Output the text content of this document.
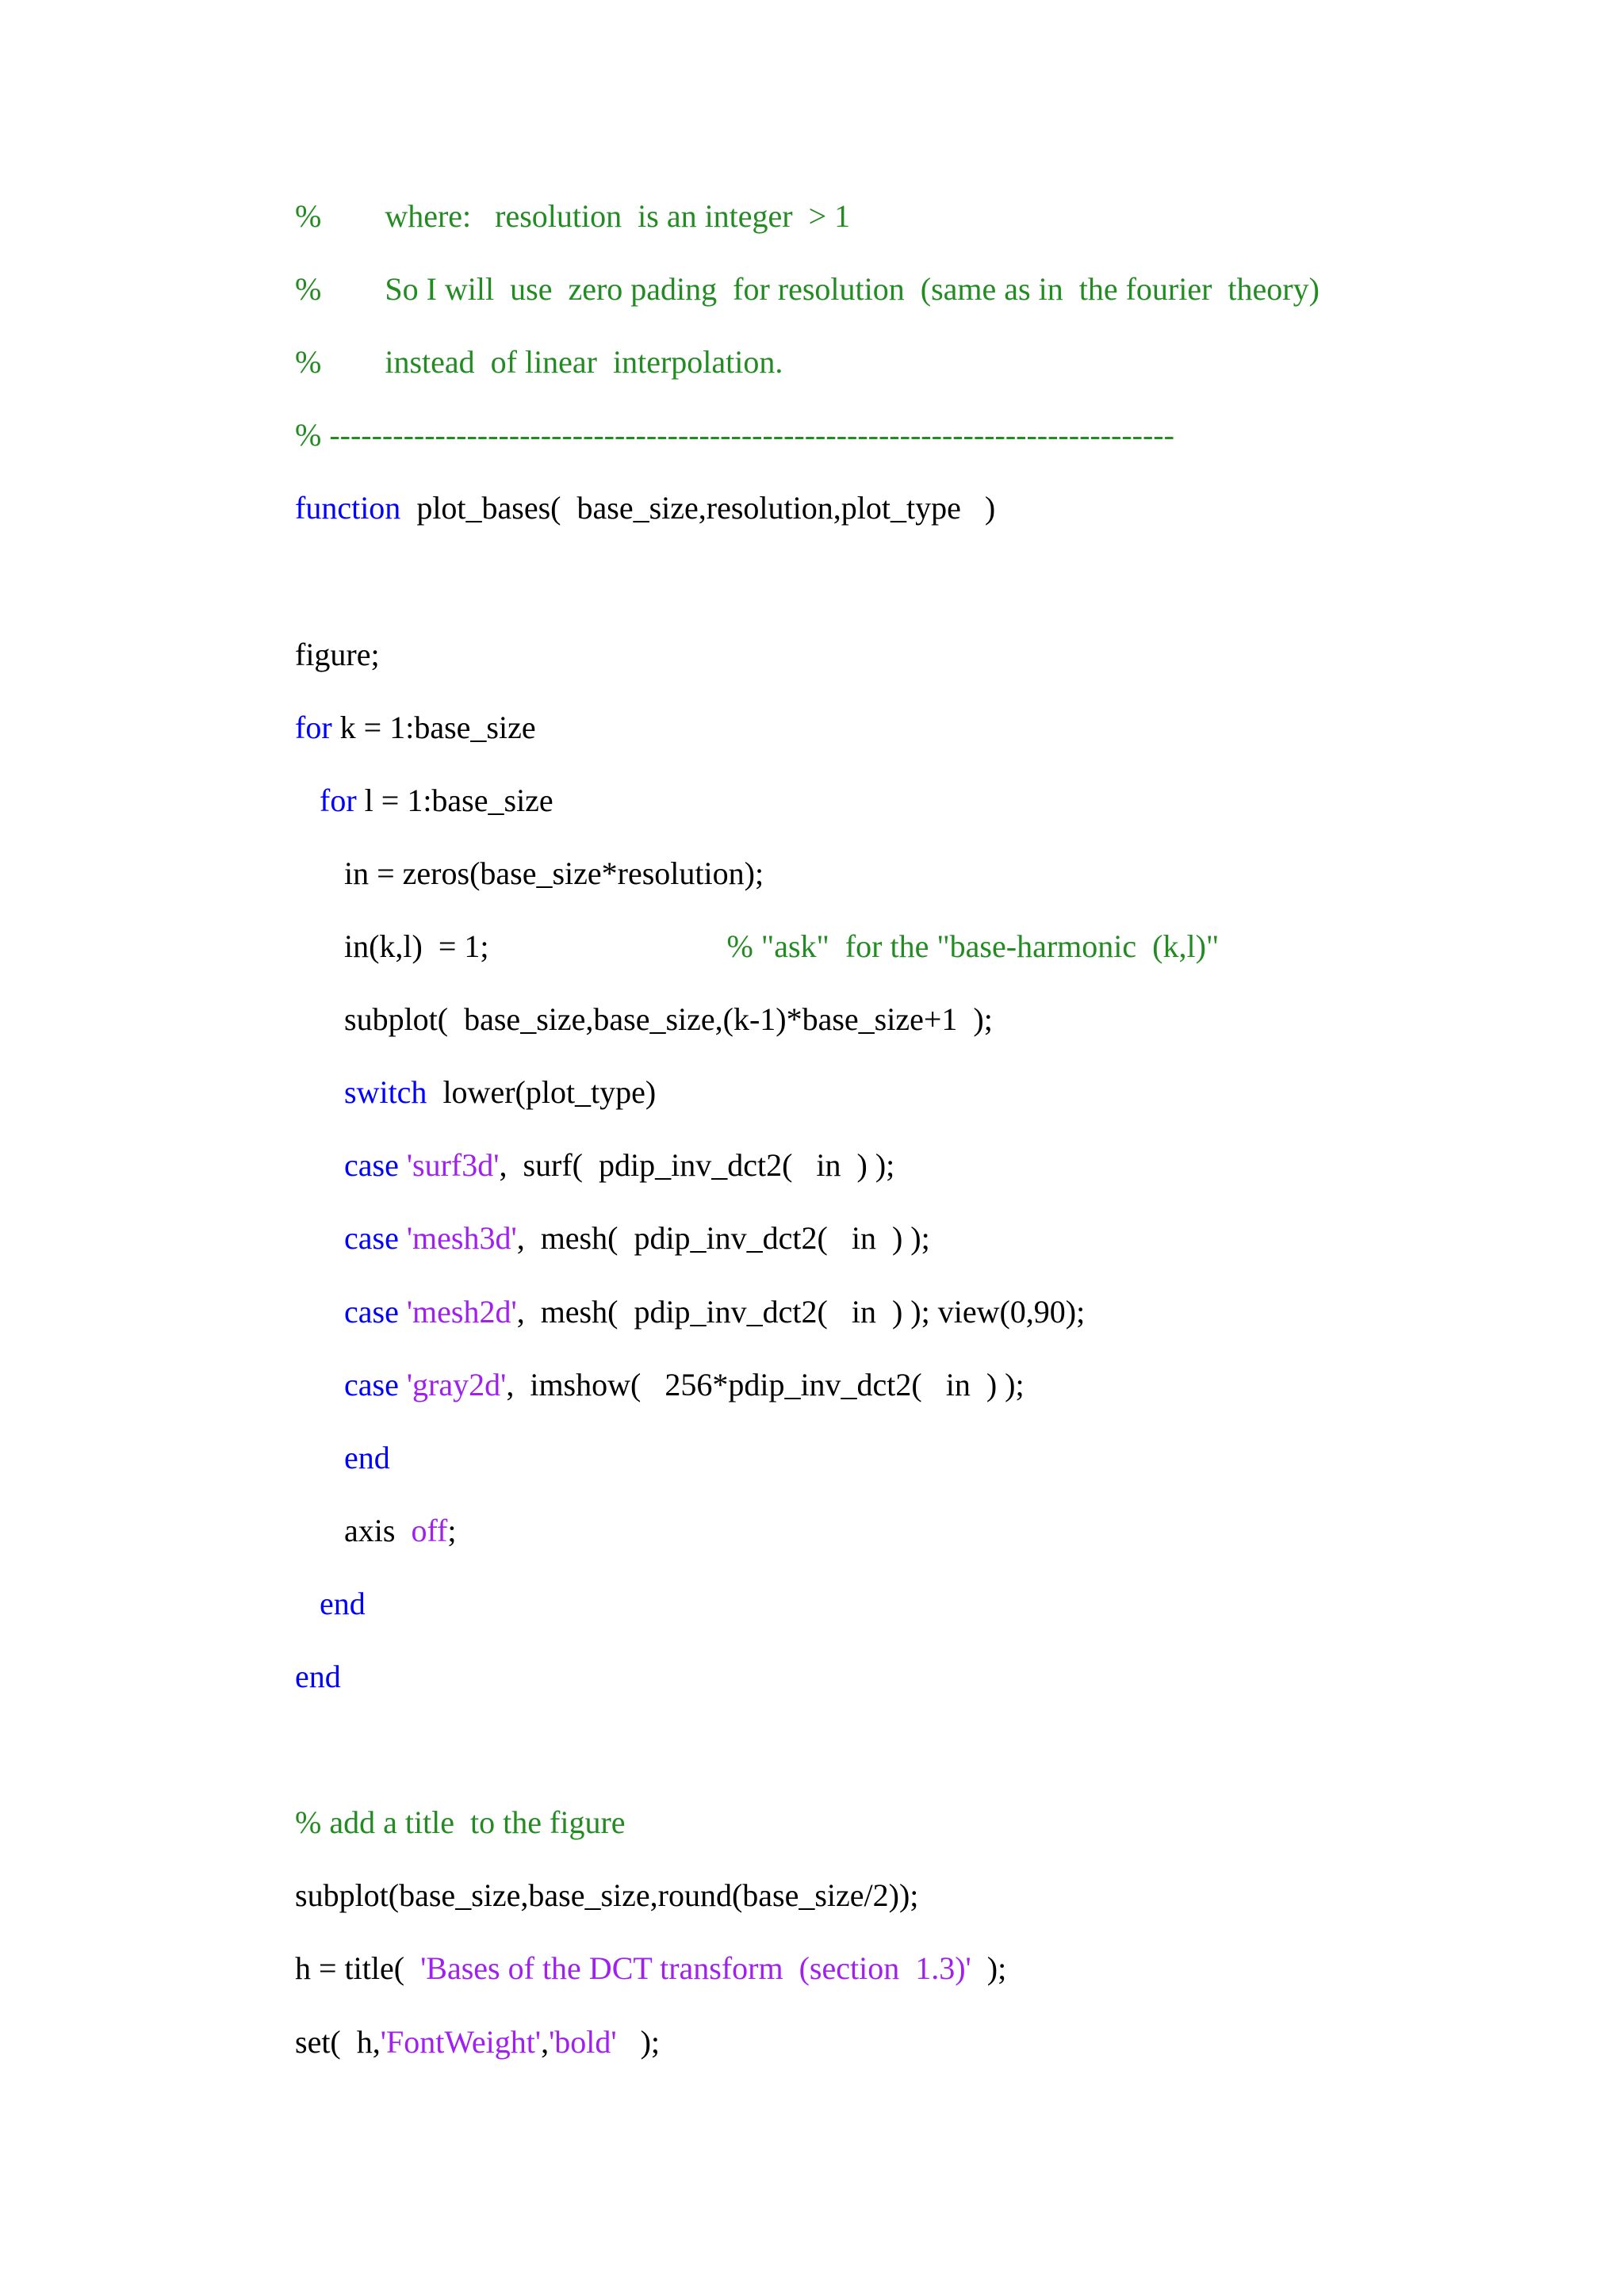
%        where:   resolution  is an integer  > 1
%        So I will  use  zero pading  for resolution  (same as in  the fourier  theory)
%        instead  of linear  interpolation.
% --------------------------------------------------------------------------------
function  plot_bases(  base_size,resolution,plot_type   )
figure;
for k = 1:base_size
for l = 1:base_size
in = zeros(base_size*resolution);
in(k,l)  = 1;                              % "ask"  for the "base-harmonic  (k,l)"
subplot(  base_size,base_size,(k-1)*base_size+1  );
switch  lower(plot_type)
case 'surf3d',  surf(  pdip_inv_dct2(   in  ) );
case 'mesh3d',  mesh(  pdip_inv_dct2(   in  ) );
case 'mesh2d',  mesh(  pdip_inv_dct2(   in  ) ); view(0,90);
case 'gray2d',  imshow(   256*pdip_inv_dct2(   in  ) );
end
axis  off;
end
end
% add a title  to the figure
subplot(base_size,base_size,round(base_size/2));
h = title(  'Bases of the DCT transform  (section  1.3)'  );
set(  h,'FontWeight','bold'   );
